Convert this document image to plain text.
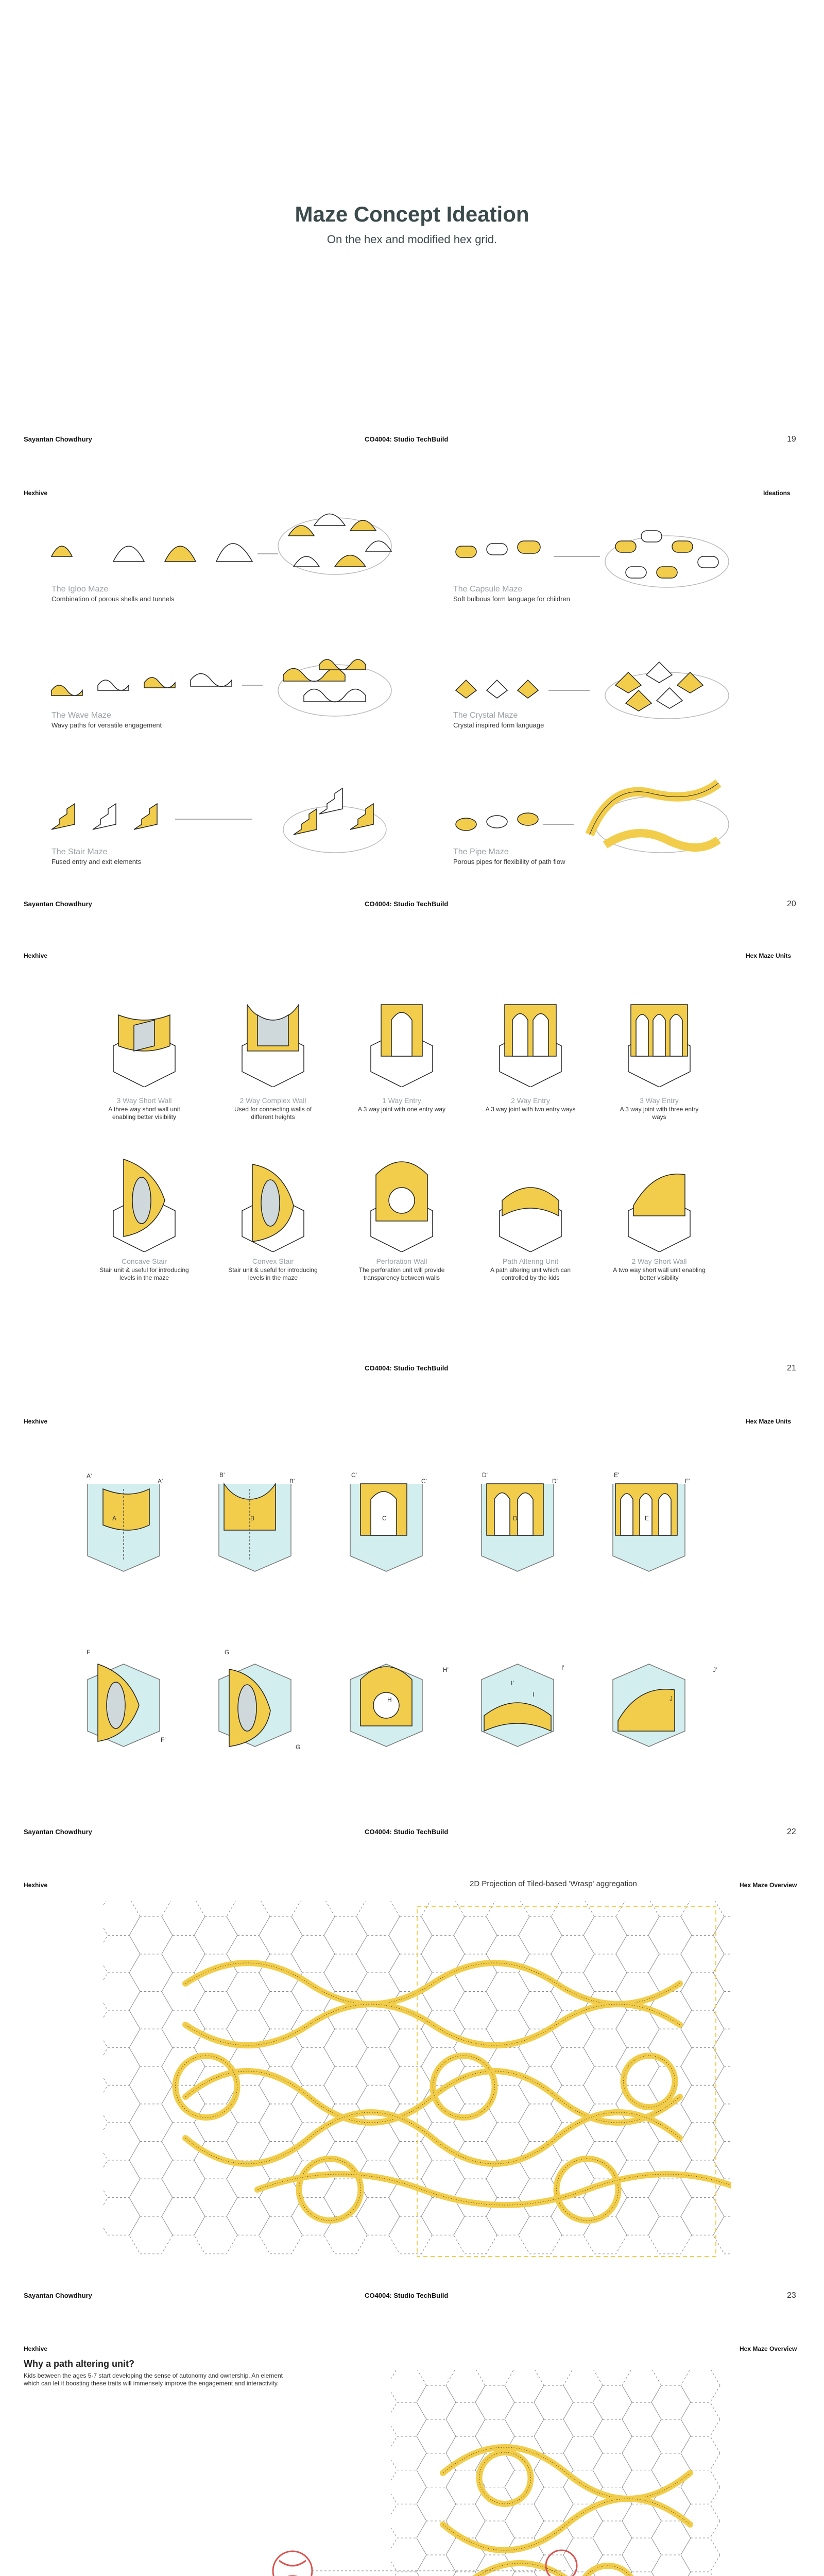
Maze Concept Ideation
On the hex and modified hex grid.
Sayantan Chowdhury	CO4004: Studio TechBuild	19
Hexhive	Ideations
The Igloo Maze
Combination of porous shells and tunnels
The Capsule Maze
Soft bulbous form language for children
The Wave Maze
Wavy paths for versatile engagement
The Crystal Maze
Crystal inspired form language
The Stair Maze
Fused entry and exit elements
The Pipe Maze
Porous pipes for flexibility of path flow
Sayantan Chowdhury	CO4004: Studio TechBuild	20
Hexhive	Hex Maze Units
3 Way Short Wall
A three way short wall unit enabling better visibility
2 Way Complex Wall
Used for connecting walls of different heights
1 Way Entry
A 3 way joint with one entry way
2 Way Entry
A 3 way joint with two entry ways
3 Way Entry
A 3 way joint with three entry ways
Concave Stair
Stair unit & useful for introducing levels in the maze
Convex Stair
Stair unit & useful for introducing levels in the maze
Perforation Wall
The perforation unit will provide transparency between walls
Path Altering Unit
A path altering unit which can controlled by the kids
2 Way Short Wall
A two way short wall unit enabling better visibility
CO4004: Studio TechBuild	21
Hexhive	Hex Maze Units
A'
A
A'
B'
B
B'
C'
C
C'
D'
D
D'
E'
E
E'
F
F'
G
G'
H
H'
I'
I
I'
J
J'
Sayantan Chowdhury	CO4004: Studio TechBuild	22
Hexhive	Hex Maze Overview
2D Projection of Tiled-based 'Wrasp' aggregation
Sayantan Chowdhury	CO4004: Studio TechBuild	23
Hexhive	Hex Maze Overview
Why a path altering unit?
Kids between the ages 5-7 start developing the sense of autonomy and ownership. An element which can let it boosting these traits will immensely improve the engagement and interactivity.
